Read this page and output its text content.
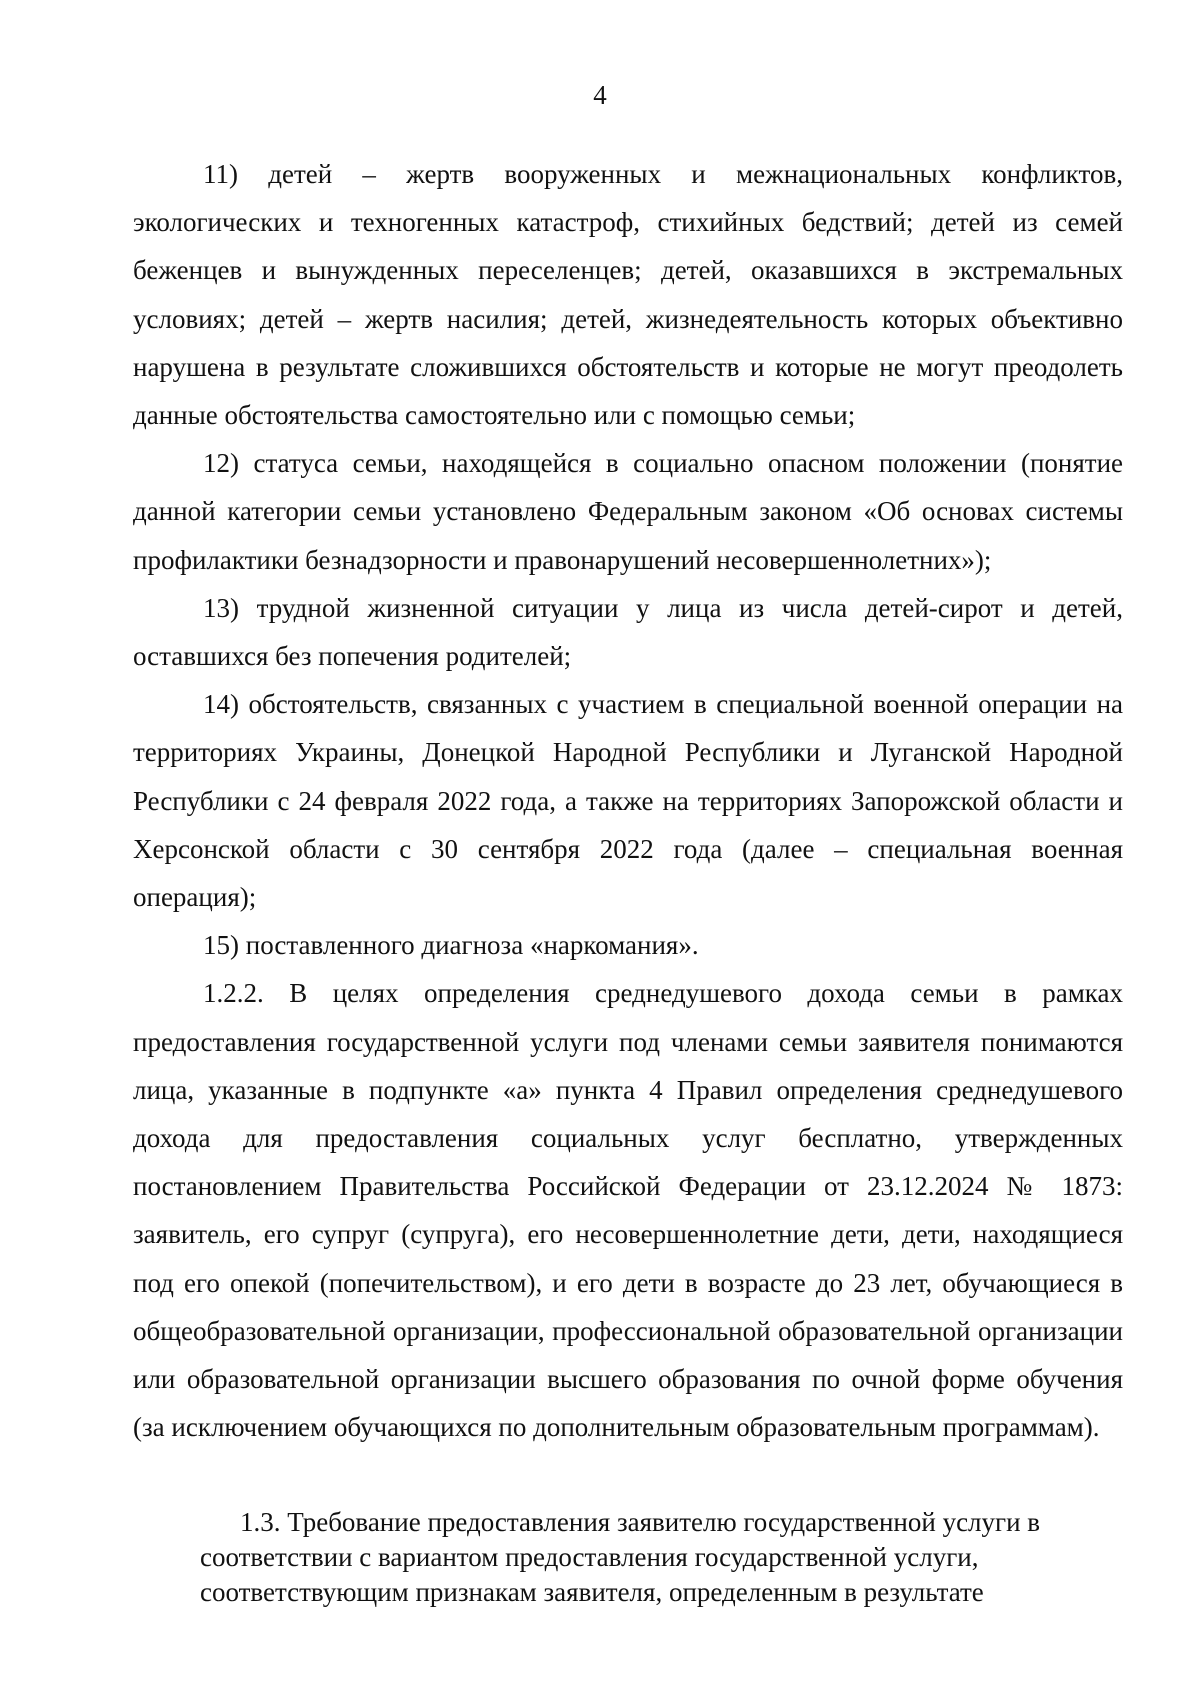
4

11) детей – жертв вооруженных и межнациональных конфликтов, экологических и техногенных катастроф, стихийных бедствий; детей из семей беженцев и вынужденных переселенцев; детей, оказавшихся в экстремальных условиях; детей – жертв насилия; детей, жизнедеятельность которых объективно нарушена в результате сложившихся обстоятельств и которые не могут преодолеть данные обстоятельства самостоятельно или с помощью семьи;

12) статуса семьи, находящейся в социально опасном положении (понятие данной категории семьи установлено Федеральным законом «Об основах системы профилактики безнадзорности и правонарушений несовершеннолетних»);

13) трудной жизненной ситуации у лица из числа детей-сирот и детей, оставшихся без попечения родителей;

14) обстоятельств, связанных с участием в специальной военной операции на территориях Украины, Донецкой Народной Республики и Луганской Народной Республики с 24 февраля 2022 года, а также на территориях Запорожской области и Херсонской области с 30 сентября 2022 года (далее – специальная военная операция);

15) поставленного диагноза «наркомания».

1.2.2. В целях определения среднедушевого дохода семьи в рамках предоставления государственной услуги под членами семьи заявителя понимаются лица, указанные в подпункте «а» пункта 4 Правил определения среднедушевого дохода для предоставления социальных услуг бесплатно, утвержденных постановлением Правительства Российской Федерации от 23.12.2024 № 1873: заявитель, его супруг (супруга), его несовершеннолетние дети, дети, находящиеся под его опекой (попечительством), и его дети в возрасте до 23 лет, обучающиеся в общеобразовательной организации, профессиональной образовательной организации или образовательной организации высшего образования по очной форме обучения (за исключением обучающихся по дополнительным образовательным программам).

1.3. Требование предоставления заявителю государственной услуги в соответствии с вариантом предоставления государственной услуги, соответствующим признакам заявителя, определенным в результате
